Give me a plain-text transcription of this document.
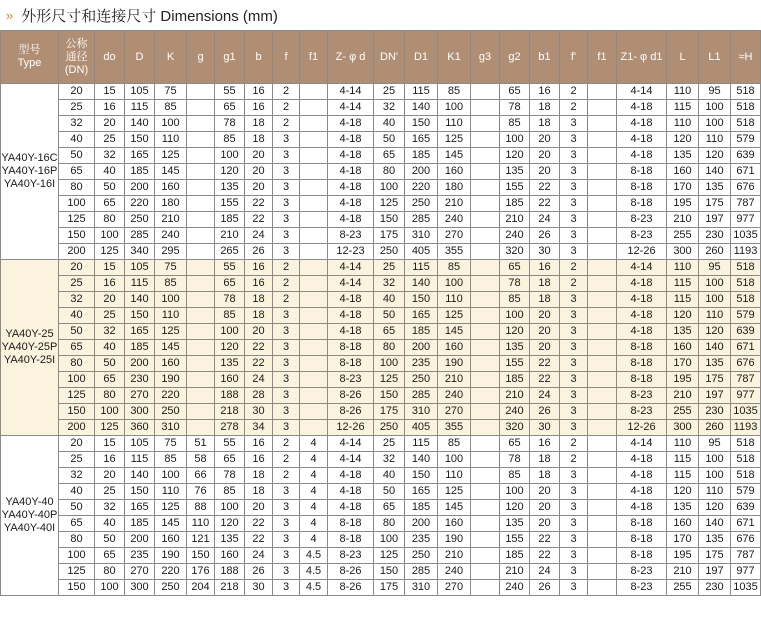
» 外形尺寸和连接尺寸 Dimensions (mm)
型号
Type	公称
通径
(DN)	do	D	K	g	g1	b	f	f1	Z- φ d	DN'	D1	K1	g3	g2	b1	f'	f1	Z1- φ d1	L	L1	≈H
YA40Y-16C
YA40Y-16P
YA40Y-16I	20	15	105	75		55	16	2		4-14	25	115	85		65	16	2		4-14	110	95	518
	25	16	115	85		65	16	2		4-14	32	140	100		78	18	2		4-18	115	100	518
	32	20	140	100		78	18	2		4-18	40	150	110		85	18	3		4-18	110	100	518
	40	25	150	110		85	18	3		4-18	50	165	125		100	20	3		4-18	120	110	579
	50	32	165	125		100	20	3		4-18	65	185	145		120	20	3		4-18	135	120	639
	65	40	185	145		120	20	3		4-18	80	200	160		135	20	3		8-18	160	140	671
	80	50	200	160		135	20	3		4-18	100	220	180		155	22	3		8-18	170	135	676
	100	65	220	180		155	22	3		4-18	125	250	210		185	22	3		8-18	195	175	787
	125	80	250	210		185	22	3		4-18	150	285	240		210	24	3		8-23	210	197	977
	150	100	285	240		210	24	3		8-23	175	310	270		240	26	3		8-23	255	230	1035
	200	125	340	295		265	26	3		12-23	250	405	355		320	30	3		12-26	300	260	1193
YA40Y-25
YA40Y-25P
YA40Y-25I	20	15	105	75		55	16	2		4-14	25	115	85		65	16	2		4-14	110	95	518
	25	16	115	85		65	16	2		4-14	32	140	100		78	18	2		4-18	115	100	518
	32	20	140	100		78	18	2		4-18	40	150	110		85	18	3		4-18	115	100	518
	40	25	150	110		85	18	3		4-18	50	165	125		100	20	3		4-18	120	110	579
	50	32	165	125		100	20	3		4-18	65	185	145		120	20	3		4-18	135	120	639
	65	40	185	145		120	22	3		8-18	80	200	160		135	20	3		8-18	160	140	671
	80	50	200	160		135	22	3		8-18	100	235	190		155	22	3		8-18	170	135	676
	100	65	230	190		160	24	3		8-23	125	250	210		185	22	3		8-18	195	175	787
	125	80	270	220		188	28	3		8-26	150	285	240		210	24	3		8-23	210	197	977
	150	100	300	250		218	30	3		8-26	175	310	270		240	26	3		8-23	255	230	1035
	200	125	360	310		278	34	3		12-26	250	405	355		320	30	3		12-26	300	260	1193
YA40Y-40
YA40Y-40P
YA40Y-40I	20	15	105	75	51	55	16	2	4	4-14	25	115	85		65	16	2		4-14	110	95	518
	25	16	115	85	58	65	16	2	4	4-14	32	140	100		78	18	2		4-18	115	100	518
	32	20	140	100	66	78	18	2	4	4-18	40	150	110		85	18	3		4-18	115	100	518
	40	25	150	110	76	85	18	3	4	4-18	50	165	125		100	20	3		4-18	120	110	579
	50	32	165	125	88	100	20	3	4	4-18	65	185	145		120	20	3		4-18	135	120	639
	65	40	185	145	110	120	22	3	4	8-18	80	200	160		135	20	3		8-18	160	140	671
	80	50	200	160	121	135	22	3	4	8-18	100	235	190		155	22	3		8-18	170	135	676
	100	65	235	190	150	160	24	3	4.5	8-23	125	250	210		185	22	3		8-18	195	175	787
	125	80	270	220	176	188	26	3	4.5	8-26	150	285	240		210	24	3		8-23	210	197	977
	150	100	300	250	204	218	30	3	4.5	8-26	175	310	270		240	26	3		8-23	255	230	1035
